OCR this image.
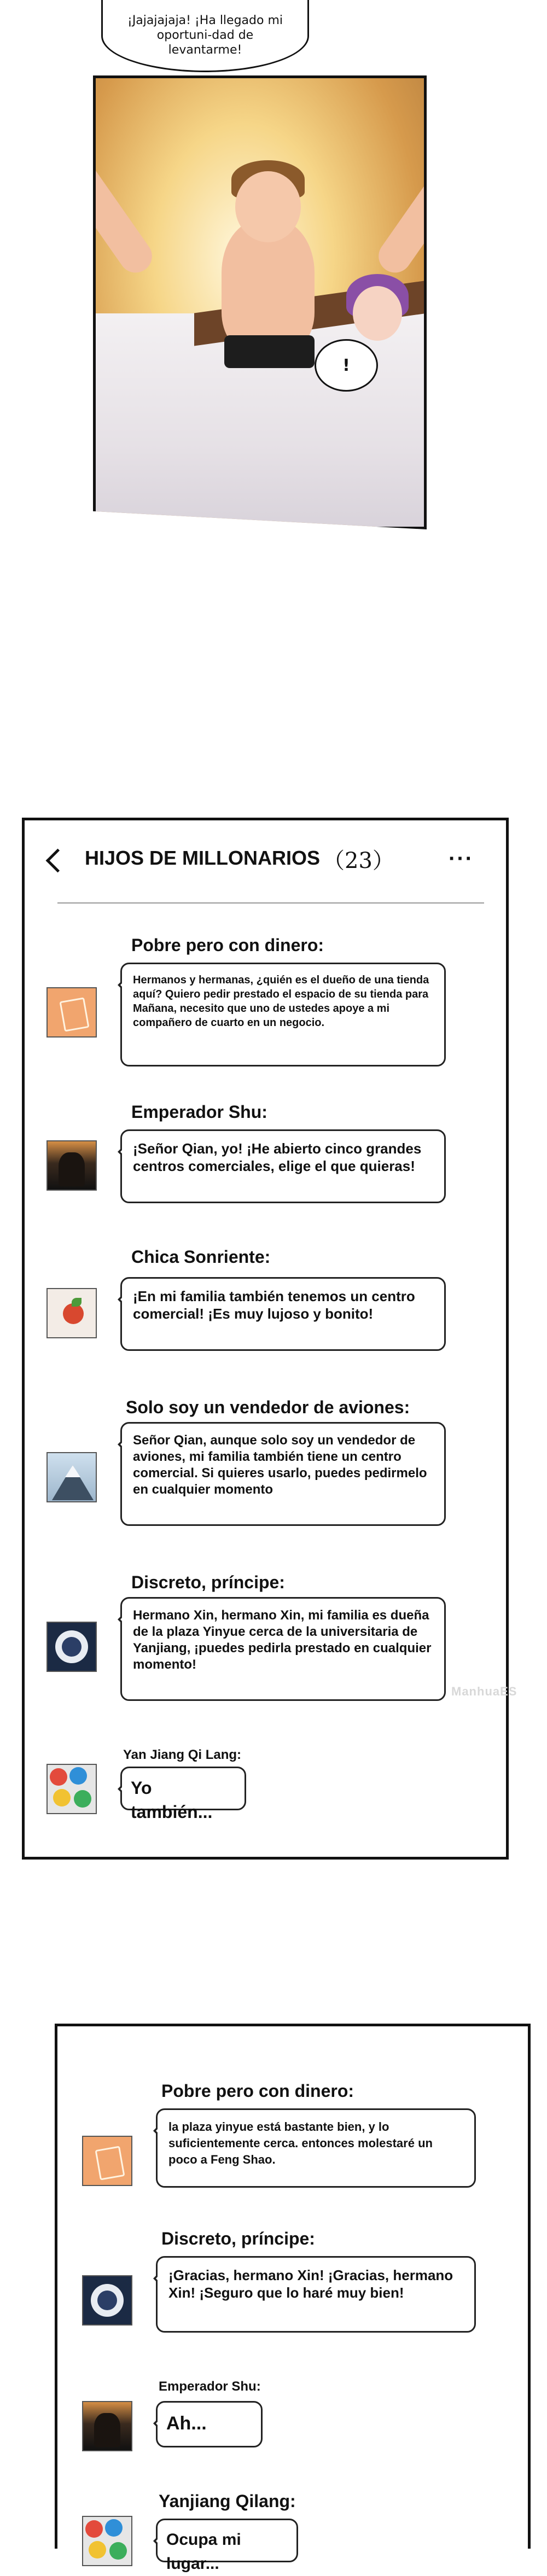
¡Jajajajaja! ¡Ha llegado mi oportuni-dad de levantarme!
!
HIJOS DE MILLONARIOS （23） ···
Pobre pero con dinero:
Hermanos y hermanas, ¿quién es el dueño de una tienda aquí? Quiero pedir prestado el espacio de su tienda para Mañana, necesito que uno de ustedes apoye a mi compañero de cuarto en un negocio.
Emperador Shu:
¡Señor Qian, yo! ¡He abierto cinco grandes centros comerciales, elige el que quieras!
Chica Sonriente:
¡En mi familia también tenemos un centro comercial! ¡Es muy lujoso y bonito!
Solo soy un vendedor de aviones:
Señor Qian, aunque solo soy un vendedor de aviones, mi familia también tiene un centro comercial. Si quieres usarlo, puedes pedirmelo en cualquier momento
Discreto, príncipe:
Hermano Xin, hermano Xin, mi familia es dueña de la plaza Yinyue cerca de la universitaria de Yanjiang, ¡puedes pedirla prestado en cualquier momento!
Yan Jiang Qi Lang:
Yo también...
ManhuaES
Pobre pero con dinero:
la plaza yinyue está bastante bien, y lo suficientemente cerca. entonces molestaré un poco a Feng Shao.
Discreto, príncipe:
¡Gracias, hermano Xin! ¡Gracias, hermano Xin! ¡Seguro que lo haré muy bien!
Emperador Shu:
Ah...
Yanjiang Qilang:
Ocupa mi lugar...
